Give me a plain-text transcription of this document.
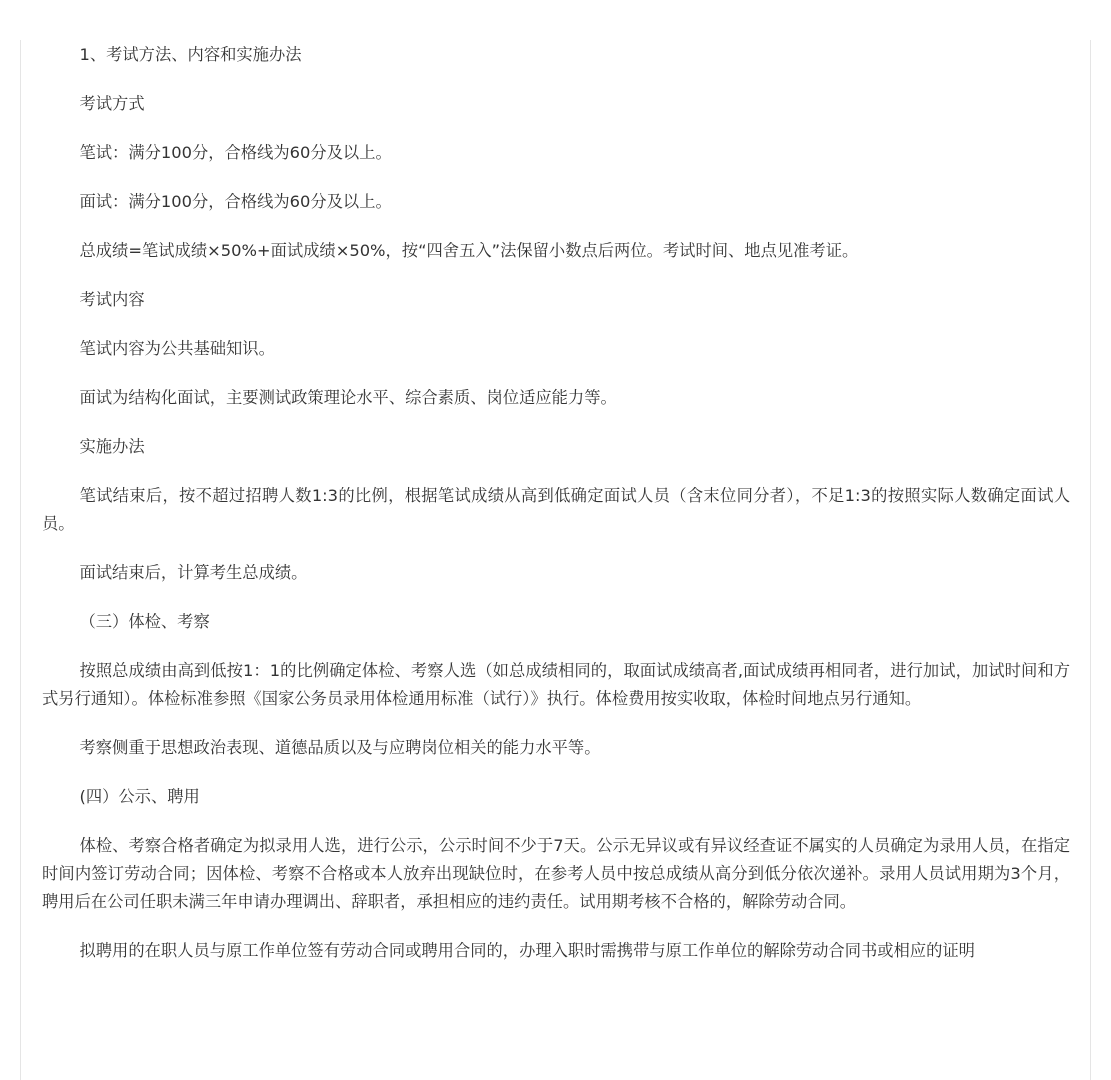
1、考试方法、内容和实施办法

考试方式

笔试：满分100分，合格线为60分及以上。

面试：满分100分，合格线为60分及以上。

总成绩=笔试成绩×50%+面试成绩×50%，按“四舍五入”法保留小数点后两位。考试时间、地点见准考证。

考试内容

笔试内容为公共基础知识。

面试为结构化面试，主要测试政策理论水平、综合素质、岗位适应能力等。

实施办法

笔试结束后，按不超过招聘人数1:3的比例，根据笔试成绩从高到低确定面试人员（含末位同分者），不足1:3的按照实际人数确定面试人员。

面试结束后，计算考生总成绩。

（三）体检、考察

按照总成绩由高到低按1：1的比例确定体检、考察人选（如总成绩相同的，取面试成绩高者,面试成绩再相同者，进行加试，加试时间和方式另行通知）。体检标准参照《国家公务员录用体检通用标准（试行）》执行。体检费用按实收取，体检时间地点另行通知。

考察侧重于思想政治表现、道德品质以及与应聘岗位相关的能力水平等。

(四）公示、聘用

体检、考察合格者确定为拟录用人选，进行公示，公示时间不少于7天。公示无异议或有异议经查证不属实的人员确定为录用人员，在指定时间内签订劳动合同；因体检、考察不合格或本人放弃出现缺位时，在参考人员中按总成绩从高分到低分依次递补。录用人员试用期为3个月，聘用后在公司任职未满三年申请办理调出、辞职者，承担相应的违约责任。试用期考核不合格的，解除劳动合同。

拟聘用的在职人员与原工作单位签有劳动合同或聘用合同的，办理入职时需携带与原工作单位的解除劳动合同书或相应的证明
